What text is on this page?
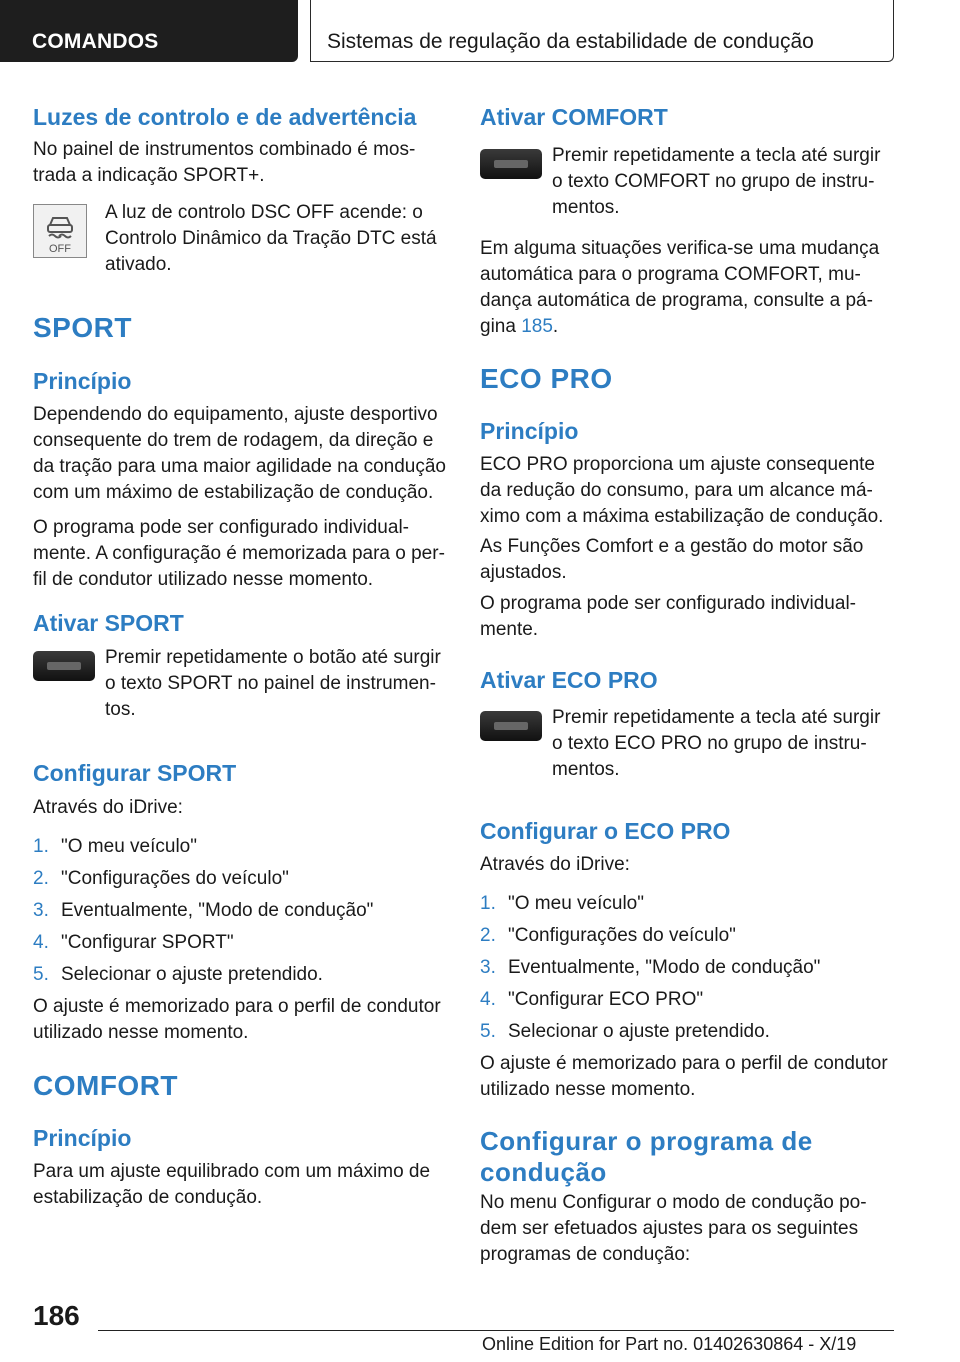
COMANDOS	Sistemas de regulação da estabilidade de condução
Luzes de controlo e de advertência

No painel de instrumentos combinado é mos-trada a indicação SPORT+.

OFF

A luz de controlo DSC OFF acende: o Controlo Dinâmico da Tração DTC está ativado.

SPORT
Princípio

Dependendo do equipamento, ajuste desportivo consequente do trem de rodagem, da direção e da tração para uma maior agilidade na condução com um máximo de estabilização de condução.

O programa pode ser configurado individual-mente. A configuração é memorizada para o per-fil de condutor utilizado nesse momento.

Ativar SPORT

Premir repetidamente o botão até surgir o texto SPORT no painel de instrumen-tos.

Configurar SPORT

Através do iDrive:

1. "O meu veículo"
2. "Configurações do veículo"
3. Eventualmente, "Modo de condução"
4. "Configurar SPORT"
5. Selecionar o ajuste pretendido.

O ajuste é memorizado para o perfil de condutor utilizado nesse momento.

COMFORT
Princípio

Para um ajuste equilibrado com um máximo de estabilização de condução.

Ativar COMFORT

Premir repetidamente a tecla até surgir o texto COMFORT no grupo de instru-mentos.

Em alguma situações verifica-se uma mudança automática para o programa COMFORT, mu-dança automática de programa, consulte a pá-gina 185.

ECO PRO
Princípio

ECO PRO proporciona um ajuste consequente da redução do consumo, para um alcance má-ximo com a máxima estabilização de condução.

As Funções Comfort e a gestão do motor são ajustados.

O programa pode ser configurado individual-mente.

Ativar ECO PRO

Premir repetidamente a tecla até surgir o texto ECO PRO no grupo de instru-mentos.

Configurar o ECO PRO

Através do iDrive:

1. "O meu veículo"
2. "Configurações do veículo"
3. Eventualmente, "Modo de condução"
4. "Configurar ECO PRO"
5. Selecionar o ajuste pretendido.

O ajuste é memorizado para o perfil de condutor utilizado nesse momento.

Configurar o programa de condução

No menu Configurar o modo de condução po-dem ser efetuados ajustes para os seguintes programas de condução:

186
Online Edition for Part no. 01402630864 - X/19
